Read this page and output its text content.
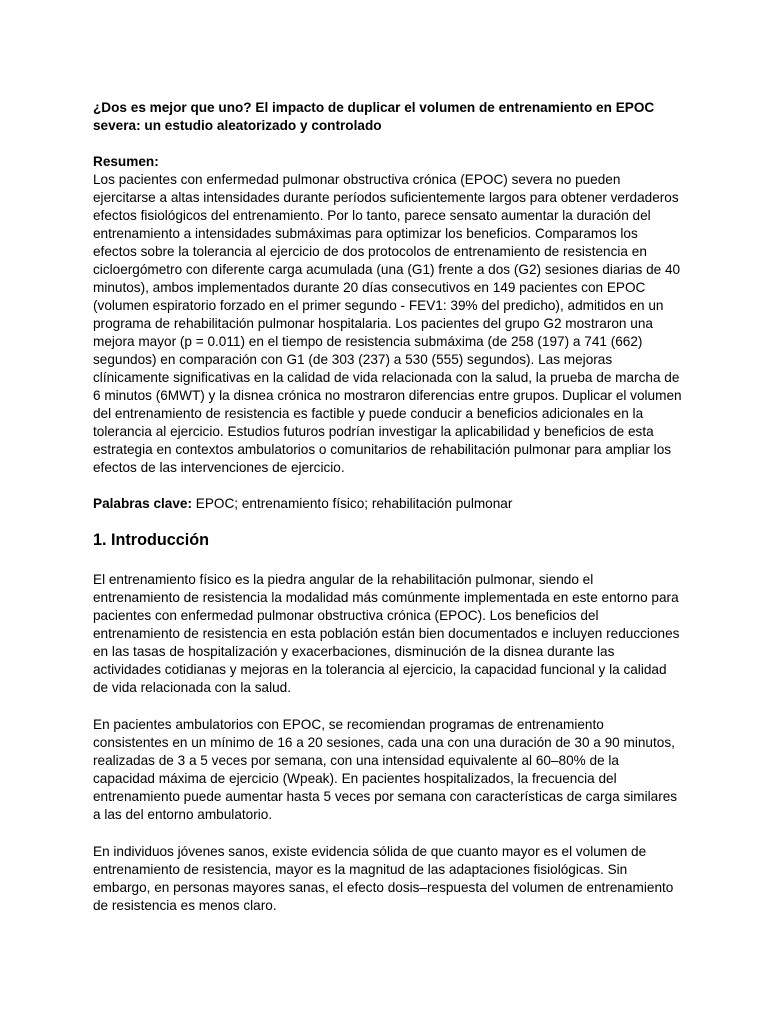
¿Dos es mejor que uno? El impacto de duplicar el volumen de entrenamiento en EPOC severa: un estudio aleatorizado y controlado

Resumen:

Los pacientes con enfermedad pulmonar obstructiva crónica (EPOC) severa no pueden ejercitarse a altas intensidades durante períodos suficientemente largos para obtener verdaderos efectos fisiológicos del entrenamiento. Por lo tanto, parece sensato aumentar la duración del entrenamiento a intensidades submáximas para optimizar los beneficios. Comparamos los efectos sobre la tolerancia al ejercicio de dos protocolos de entrenamiento de resistencia en cicloergómetro con diferente carga acumulada (una (G1) frente a dos (G2) sesiones diarias de 40 minutos), ambos implementados durante 20 días consecutivos en 149 pacientes con EPOC (volumen espiratorio forzado en el primer segundo - FEV1: 39% del predicho), admitidos en un programa de rehabilitación pulmonar hospitalaria. Los pacientes del grupo G2 mostraron una mejora mayor (p = 0.011) en el tiempo de resistencia submáxima (de 258 (197) a 741 (662) segundos) en comparación con G1 (de 303 (237) a 530 (555) segundos). Las mejoras clínicamente significativas en la calidad de vida relacionada con la salud, la prueba de marcha de 6 minutos (6MWT) y la disnea crónica no mostraron diferencias entre grupos. Duplicar el volumen del entrenamiento de resistencia es factible y puede conducir a beneficios adicionales en la tolerancia al ejercicio. Estudios futuros podrían investigar la aplicabilidad y beneficios de esta estrategia en contextos ambulatorios o comunitarios de rehabilitación pulmonar para ampliar los efectos de las intervenciones de ejercicio.

Palabras clave: EPOC; entrenamiento físico; rehabilitación pulmonar

1. Introducción

El entrenamiento físico es la piedra angular de la rehabilitación pulmonar, siendo el entrenamiento de resistencia la modalidad más comúnmente implementada en este entorno para pacientes con enfermedad pulmonar obstructiva crónica (EPOC). Los beneficios del entrenamiento de resistencia en esta población están bien documentados e incluyen reducciones en las tasas de hospitalización y exacerbaciones, disminución de la disnea durante las actividades cotidianas y mejoras en la tolerancia al ejercicio, la capacidad funcional y la calidad de vida relacionada con la salud.

En pacientes ambulatorios con EPOC, se recomiendan programas de entrenamiento consistentes en un mínimo de 16 a 20 sesiones, cada una con una duración de 30 a 90 minutos, realizadas de 3 a 5 veces por semana, con una intensidad equivalente al 60–80% de la capacidad máxima de ejercicio (Wpeak). En pacientes hospitalizados, la frecuencia del entrenamiento puede aumentar hasta 5 veces por semana con características de carga similares a las del entorno ambulatorio.

En individuos jóvenes sanos, existe evidencia sólida de que cuanto mayor es el volumen de entrenamiento de resistencia, mayor es la magnitud de las adaptaciones fisiológicas. Sin embargo, en personas mayores sanas, el efecto dosis–respuesta del volumen de entrenamiento de resistencia es menos claro.
